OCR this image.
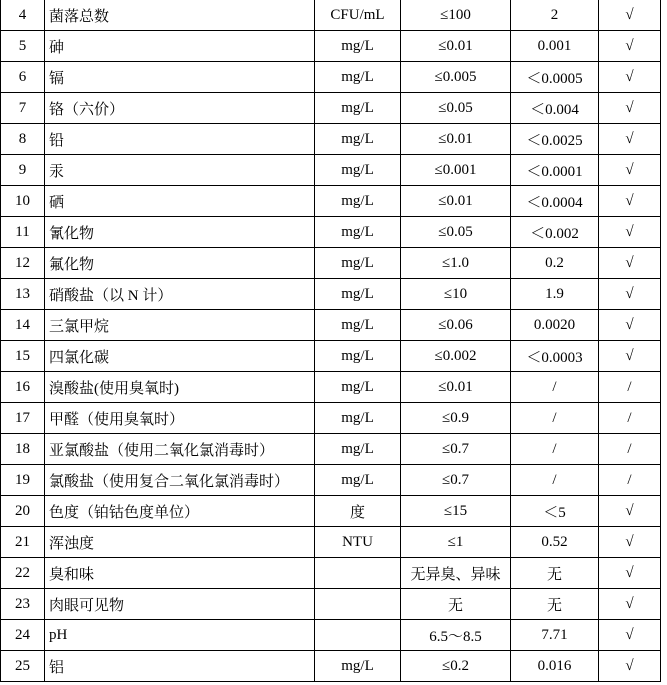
4	菌落总数	CFU/mL	≤100	2	√
5	砷	mg/L	≤0.01	0.001	√
6	镉	mg/L	≤0.005	＜0.0005	√
7	铬（六价）	mg/L	≤0.05	＜0.004	√
8	铅	mg/L	≤0.01	＜0.0025	√
9	汞	mg/L	≤0.001	＜0.0001	√
10	硒	mg/L	≤0.01	＜0.0004	√
11	氰化物	mg/L	≤0.05	＜0.002	√
12	氟化物	mg/L	≤1.0	0.2	√
13	硝酸盐（以 N 计）	mg/L	≤10	1.9	√
14	三氯甲烷	mg/L	≤0.06	0.0020	√
15	四氯化碳	mg/L	≤0.002	＜0.0003	√
16	溴酸盐(使用臭氧时)	mg/L	≤0.01	/	/
17	甲醛（使用臭氧时）	mg/L	≤0.9	/	/
18	亚氯酸盐（使用二氧化氯消毒时）	mg/L	≤0.7	/	/
19	氯酸盐（使用复合二氧化氯消毒时）	mg/L	≤0.7	/	/
20	色度（铂钴色度单位）	度	≤15	＜5	√
21	浑浊度	NTU	≤1	0.52	√
22	臭和味		无异臭、异味	无	√
23	肉眼可见物		无	无	√
24	pH		6.5～8.5	7.71	√
25	铝	mg/L	≤0.2	0.016	√
